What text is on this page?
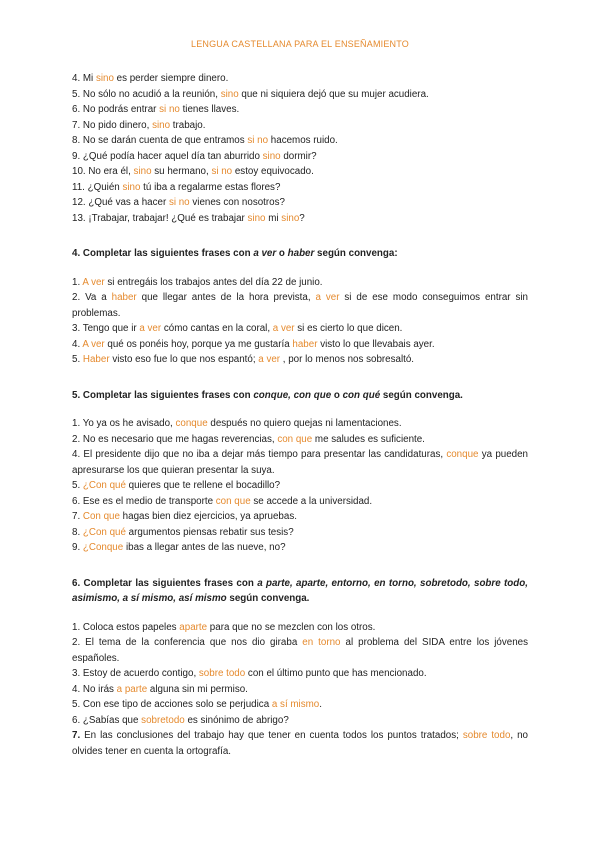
LENGUA CASTELLANA PARA EL ENSEÑAMIENTO
4. Mi sino es perder siempre dinero.
5. No sólo no acudió a la reunión, sino que ni siquiera dejó que su mujer acudiera.
6. No podrás entrar si no tienes llaves.
7. No pido dinero, sino trabajo.
8. No se darán cuenta de que entramos si no hacemos ruido.
9. ¿Qué podía hacer aquel día tan aburrido sino dormir?
10. No era él, sino su hermano, si no estoy equivocado.
11. ¿Quién sino tú iba a regalarme estas flores?
12. ¿Qué vas a hacer si no vienes con nosotros?
13. ¡Trabajar, trabajar! ¿Qué es trabajar sino mi sino?
4. Completar las siguientes frases con a ver o haber según convenga:
1. A ver si entregáis los trabajos antes del día 22 de junio.
2. Va a haber que llegar antes de la hora prevista, a ver si de ese modo conseguimos entrar sin problemas.
3. Tengo que ir a ver cómo cantas en la coral, a ver si es cierto lo que dicen.
4. A ver qué os ponéis hoy, porque ya me gustaría haber visto lo que llevabais ayer.
5. Haber visto eso fue lo que nos espantó; a ver , por lo menos nos sobresaltó.
5. Completar las siguientes frases con conque, con que o con qué según convenga.
1. Yo ya os he avisado, conque después no quiero quejas ni lamentaciones.
2. No es necesario que me hagas reverencias, con que me saludes es suficiente.
4. El presidente dijo que no iba a dejar más tiempo para presentar las candidaturas, conque ya pueden apresurarse los que quieran presentar la suya.
5. ¿Con qué quieres que te rellene el bocadillo?
6. Ese es el medio de transporte con que se accede a la universidad.
7. Con que hagas bien diez ejercicios, ya apruebas.
8. ¿Con qué argumentos piensas rebatir sus tesis?
9. ¿Conque ibas a llegar antes de las nueve, no?
6. Completar las siguientes frases con a parte, aparte, entorno, en torno, sobretodo, sobre todo, asimismo, a sí mismo, así mismo según convenga.
1. Coloca estos papeles aparte para que no se mezclen con los otros.
2. El tema de la conferencia que nos dio giraba en torno al problema del SIDA entre los jóvenes españoles.
3. Estoy de acuerdo contigo, sobre todo con el último punto que has mencionado.
4. No irás a parte alguna sin mi permiso.
5. Con ese tipo de acciones solo se perjudica a sí mismo.
6. ¿Sabías que sobretodo es sinónimo de abrigo?
7. En las conclusiones del trabajo hay que tener en cuenta todos los puntos tratados; sobre todo, no olvides tener en cuenta la ortografía.
